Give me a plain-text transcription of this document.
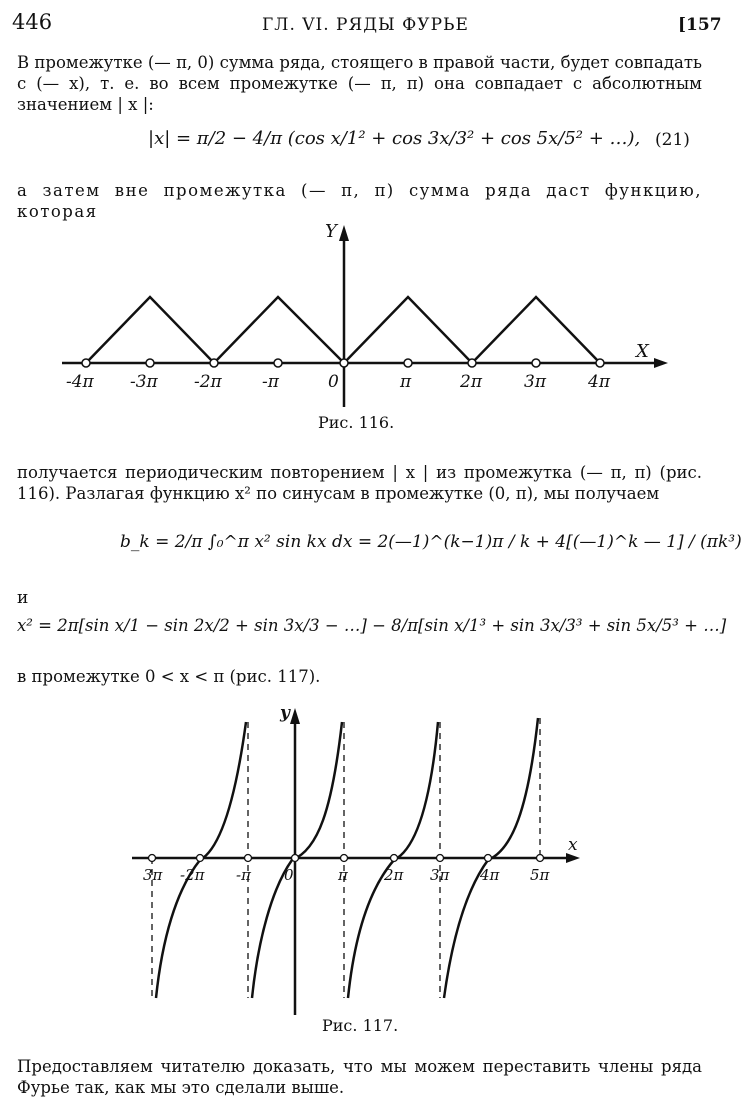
446	ГЛ. VI. РЯДЫ ФУРЬЕ	[157
В промежутке (— π, 0) сумма ряда, стоящего в правой части, будет совпадать с (— x), т. е. во всем промежутке (— π, π) она совпадает с абсолютным значением | x |:
|x| = π/2 − 4/π (cos x/1² + cos 3x/3² + cos 5x/5² + …), (21)
а затем вне промежутка (— π, π) сумма ряда даст функцию, которая
Y
X
-4π -3π -2π -π	0	π	2π 3π 4π
Рис. 116.
получается периодическим повторением | x | из промежутка (— π, π) (рис. 116). Разлагая функцию x² по синусам в промежутке (0, π), мы получаем
b_k = 2/π ∫₀^π x² sin kx dx = 2(—1)^(k−1)π / k + 4[(—1)^k — 1] / (πk³)
и
x² = 2π[sin x/1 − sin 2x/2 + sin 3x/3 − …] − 8/π[sin x/1³ + sin 3x/3³ + sin 5x/5³ + …]
в промежутке 0 < x < π (рис. 117).
x
y
3π -2π -π 0	π 2π 3π 4π 5π
Рис. 117.
Предоставляем читателю доказать, что мы можем переставить члены ряда Фурье так, как мы это сделали выше.
